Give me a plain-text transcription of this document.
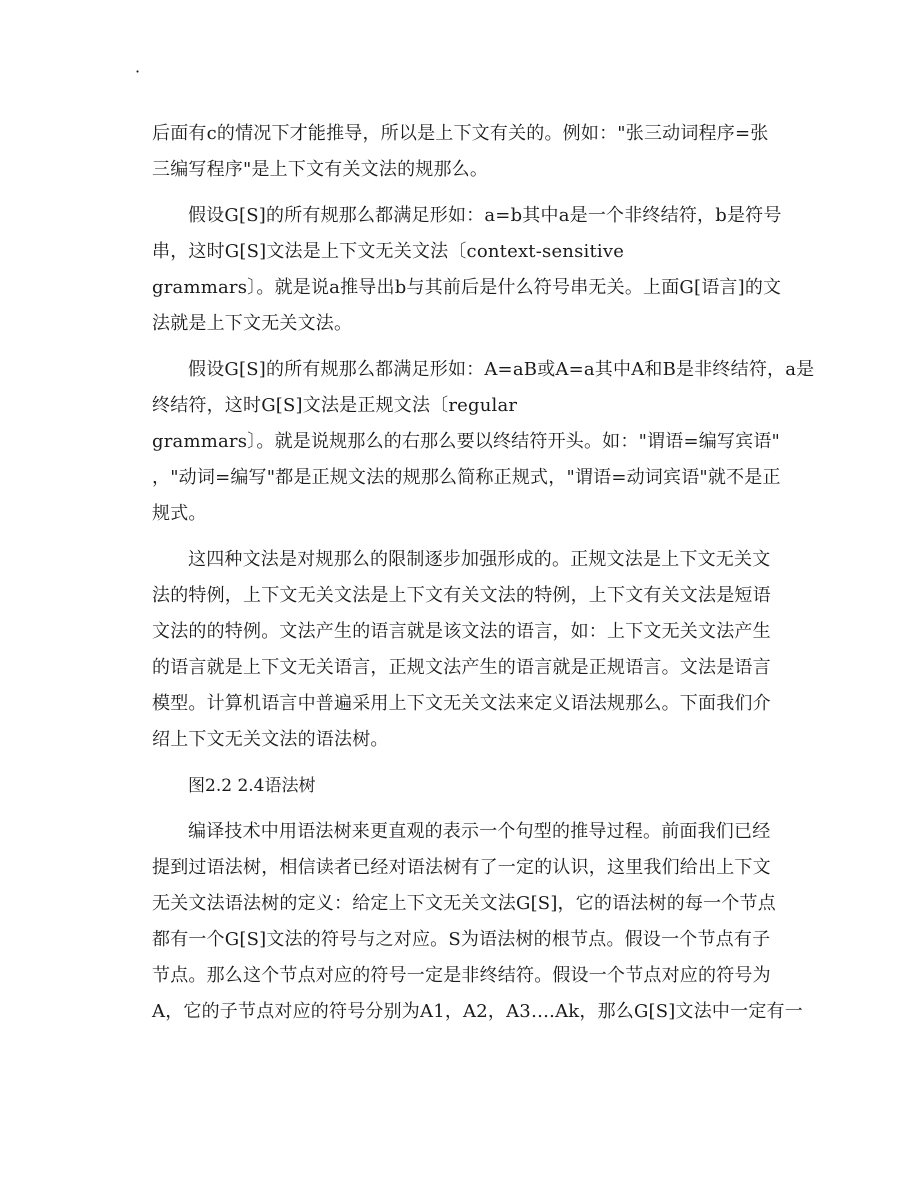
·

后面有c的情况下才能推导，所以是上下文有关的。例如："张三动词程序=张
三编写程序"是上下文有关文法的规那么。

假设G[S]的所有规那么都满足形如：a=b其中a是一个非终结符，b是符号
串，这时G[S]文法是上下文无关文法〔context-sensitive
grammars〕。就是说a推导出b与其前后是什么符号串无关。上面G[语言]的文
法就是上下文无关文法。

假设G[S]的所有规那么都满足形如：A=aB或A=a其中A和B是非终结符，a是
终结符，这时G[S]文法是正规文法〔regular
grammars〕。就是说规那么的右那么要以终结符开头。如："谓语=编写宾语"
，"动词=编写"都是正规文法的规那么简称正规式，"谓语=动词宾语"就不是正
规式。

这四种文法是对规那么的限制逐步加强形成的。正规文法是上下文无关文
法的特例，上下文无关文法是上下文有关文法的特例，上下文有关文法是短语
文法的的特例。文法产生的语言就是该文法的语言，如：上下文无关文法产生
的语言就是上下文无关语言，正规文法产生的语言就是正规语言。文法是语言
模型。计算机语言中普遍采用上下文无关文法来定义语法规那么。下面我们介
绍上下文无关文法的语法树。

图2.2 2.4语法树

编译技术中用语法树来更直观的表示一个句型的推导过程。前面我们已经
提到过语法树，相信读者已经对语法树有了一定的认识，这里我们给出上下文
无关文法语法树的定义：给定上下文无关文法G[S]，它的语法树的每一个节点
都有一个G[S]文法的符号与之对应。S为语法树的根节点。假设一个节点有子
节点。那么这个节点对应的符号一定是非终结符。假设一个节点对应的符号为
A，它的子节点对应的符号分别为A1，A2，A3….Ak，那么G[S]文法中一定有一
